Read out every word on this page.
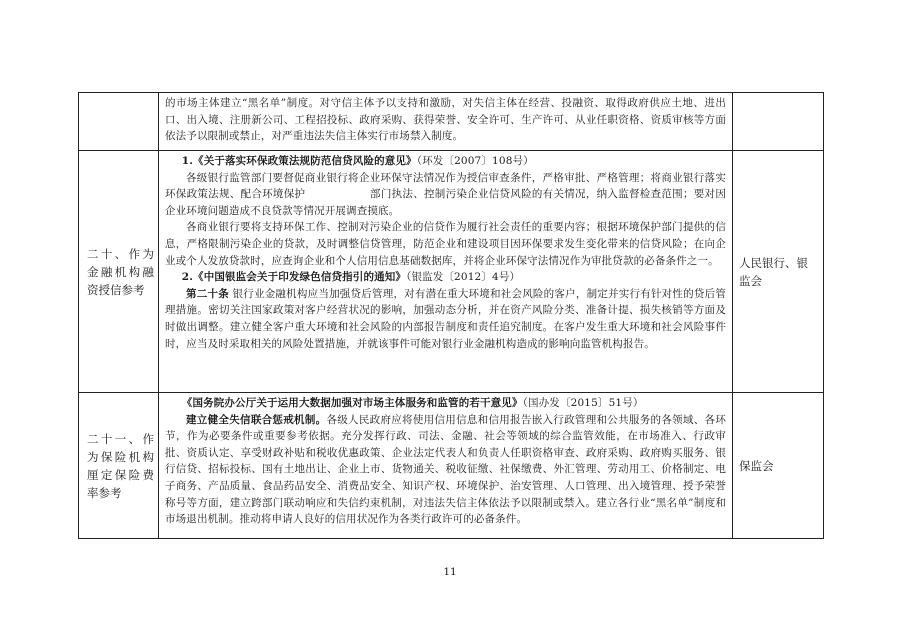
	的市场主体建立“黑名单”制度。对守信主体予以支持和激励，对失信主体在经营、投融资、取得政府供应土地、进出口、出入境、注册新公司、工程招投标、政府采购、获得荣誉、安全许可、生产许可、从业任职资格、资质审核等方面依法予以限制或禁止，对严重违法失信主体实行市场禁入制度。	

二十、作为金融机构融资授信参考	1.《关于落实环保政策法规防范信贷风险的意见》（环发〔2007〕108号）

各级银行监管部门要督促商业银行将企业环保守法情况作为授信审查条件，严格审批、严格管理；将商业银行落实环保政策法规、配合环境保护　　　　　　部门执法、控制污染企业信贷风险的有关情况，纳入监督检查范围；要对因企业环境问题造成不良贷款等情况开展调查摸底。

各商业银行要将支持环保工作、控制对污染企业的信贷作为履行社会责任的重要内容；根据环境保护部门提供的信息，严格限制污染企业的贷款，及时调整信贷管理，防范企业和建设项目因环保要求发生变化带来的信贷风险；在向企业或个人发放贷款时，应查询企业和个人信用信息基础数据库，并将企业环保守法情况作为审批贷款的必备条件之一。

2.《中国银监会关于印发绿色信贷指引的通知》（银监发〔2012〕4号）

第二十条 银行业金融机构应当加强贷后管理，对有潜在重大环境和社会风险的客户，制定并实行有针对性的贷后管理措施。密切关注国家政策对客户经营状况的影响，加强动态分析，并在资产风险分类、准备计提、损失核销等方面及时做出调整。建立健全客户重大环境和社会风险的内部报告制度和责任追究制度。在客户发生重大环境和社会风险事件时，应当及时采取相关的风险处置措施，并就该事件可能对银行业金融机构造成的影响向监管机构报告。	人民银行、银监会
二十一、作为保险机构厘定保险费率参考	《国务院办公厅关于运用大数据加强对市场主体服务和监管的若干意见》（国办发〔2015〕51号）

建立健全失信联合惩戒机制。各级人民政府应将使用信用信息和信用报告嵌入行政管理和公共服务的各领域、各环节，作为必要条件或重要参考依据。充分发挥行政、司法、金融、社会等领域的综合监管效能，在市场准入、行政审批、资质认定、享受财政补贴和税收优惠政策、企业法定代表人和负责人任职资格审查、政府采购、政府购买服务、银行信贷、招标投标、国有土地出让、企业上市、货物通关、税收征缴、社保缴费、外汇管理、劳动用工、价格制定、电子商务、产品质量、食品药品安全、消费品安全、知识产权、环境保护、治安管理、人口管理、出入境管理、授予荣誉称号等方面，建立跨部门联动响应和失信约束机制，对违法失信主体依法予以限制或禁入。建立各行业“黑名单”制度和市场退出机制。推动将申请人良好的信用状况作为各类行政许可的必备条件。	保监会
11
